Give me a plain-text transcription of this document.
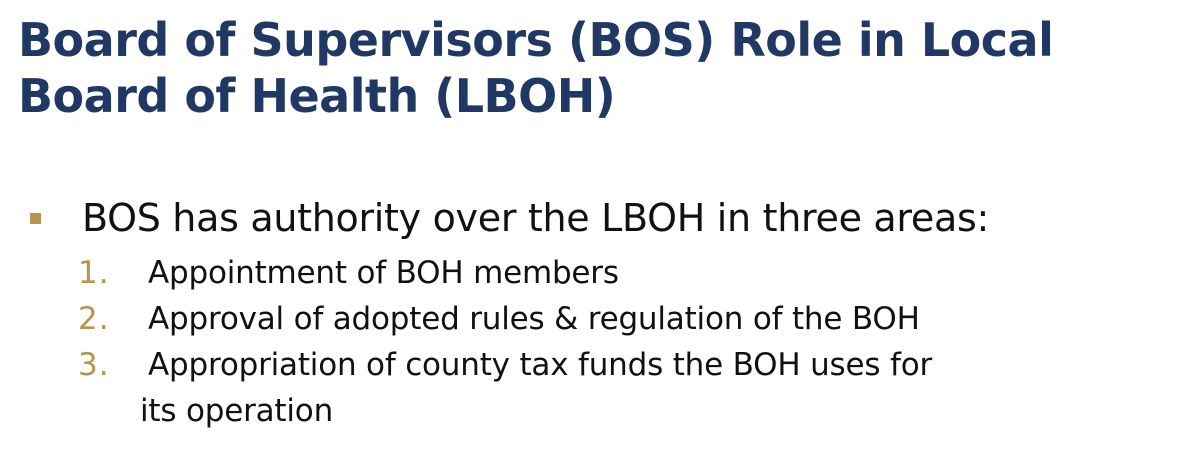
Board of Supervisors (BOS) Role in Local
Board of Health (LBOH)
BOS has authority over the LBOH in three areas:
1.	Appointment of BOH members
2.	Approval of adopted rules & regulation of the BOH
3.	Appropriation of county tax funds the BOH uses for
its operation
